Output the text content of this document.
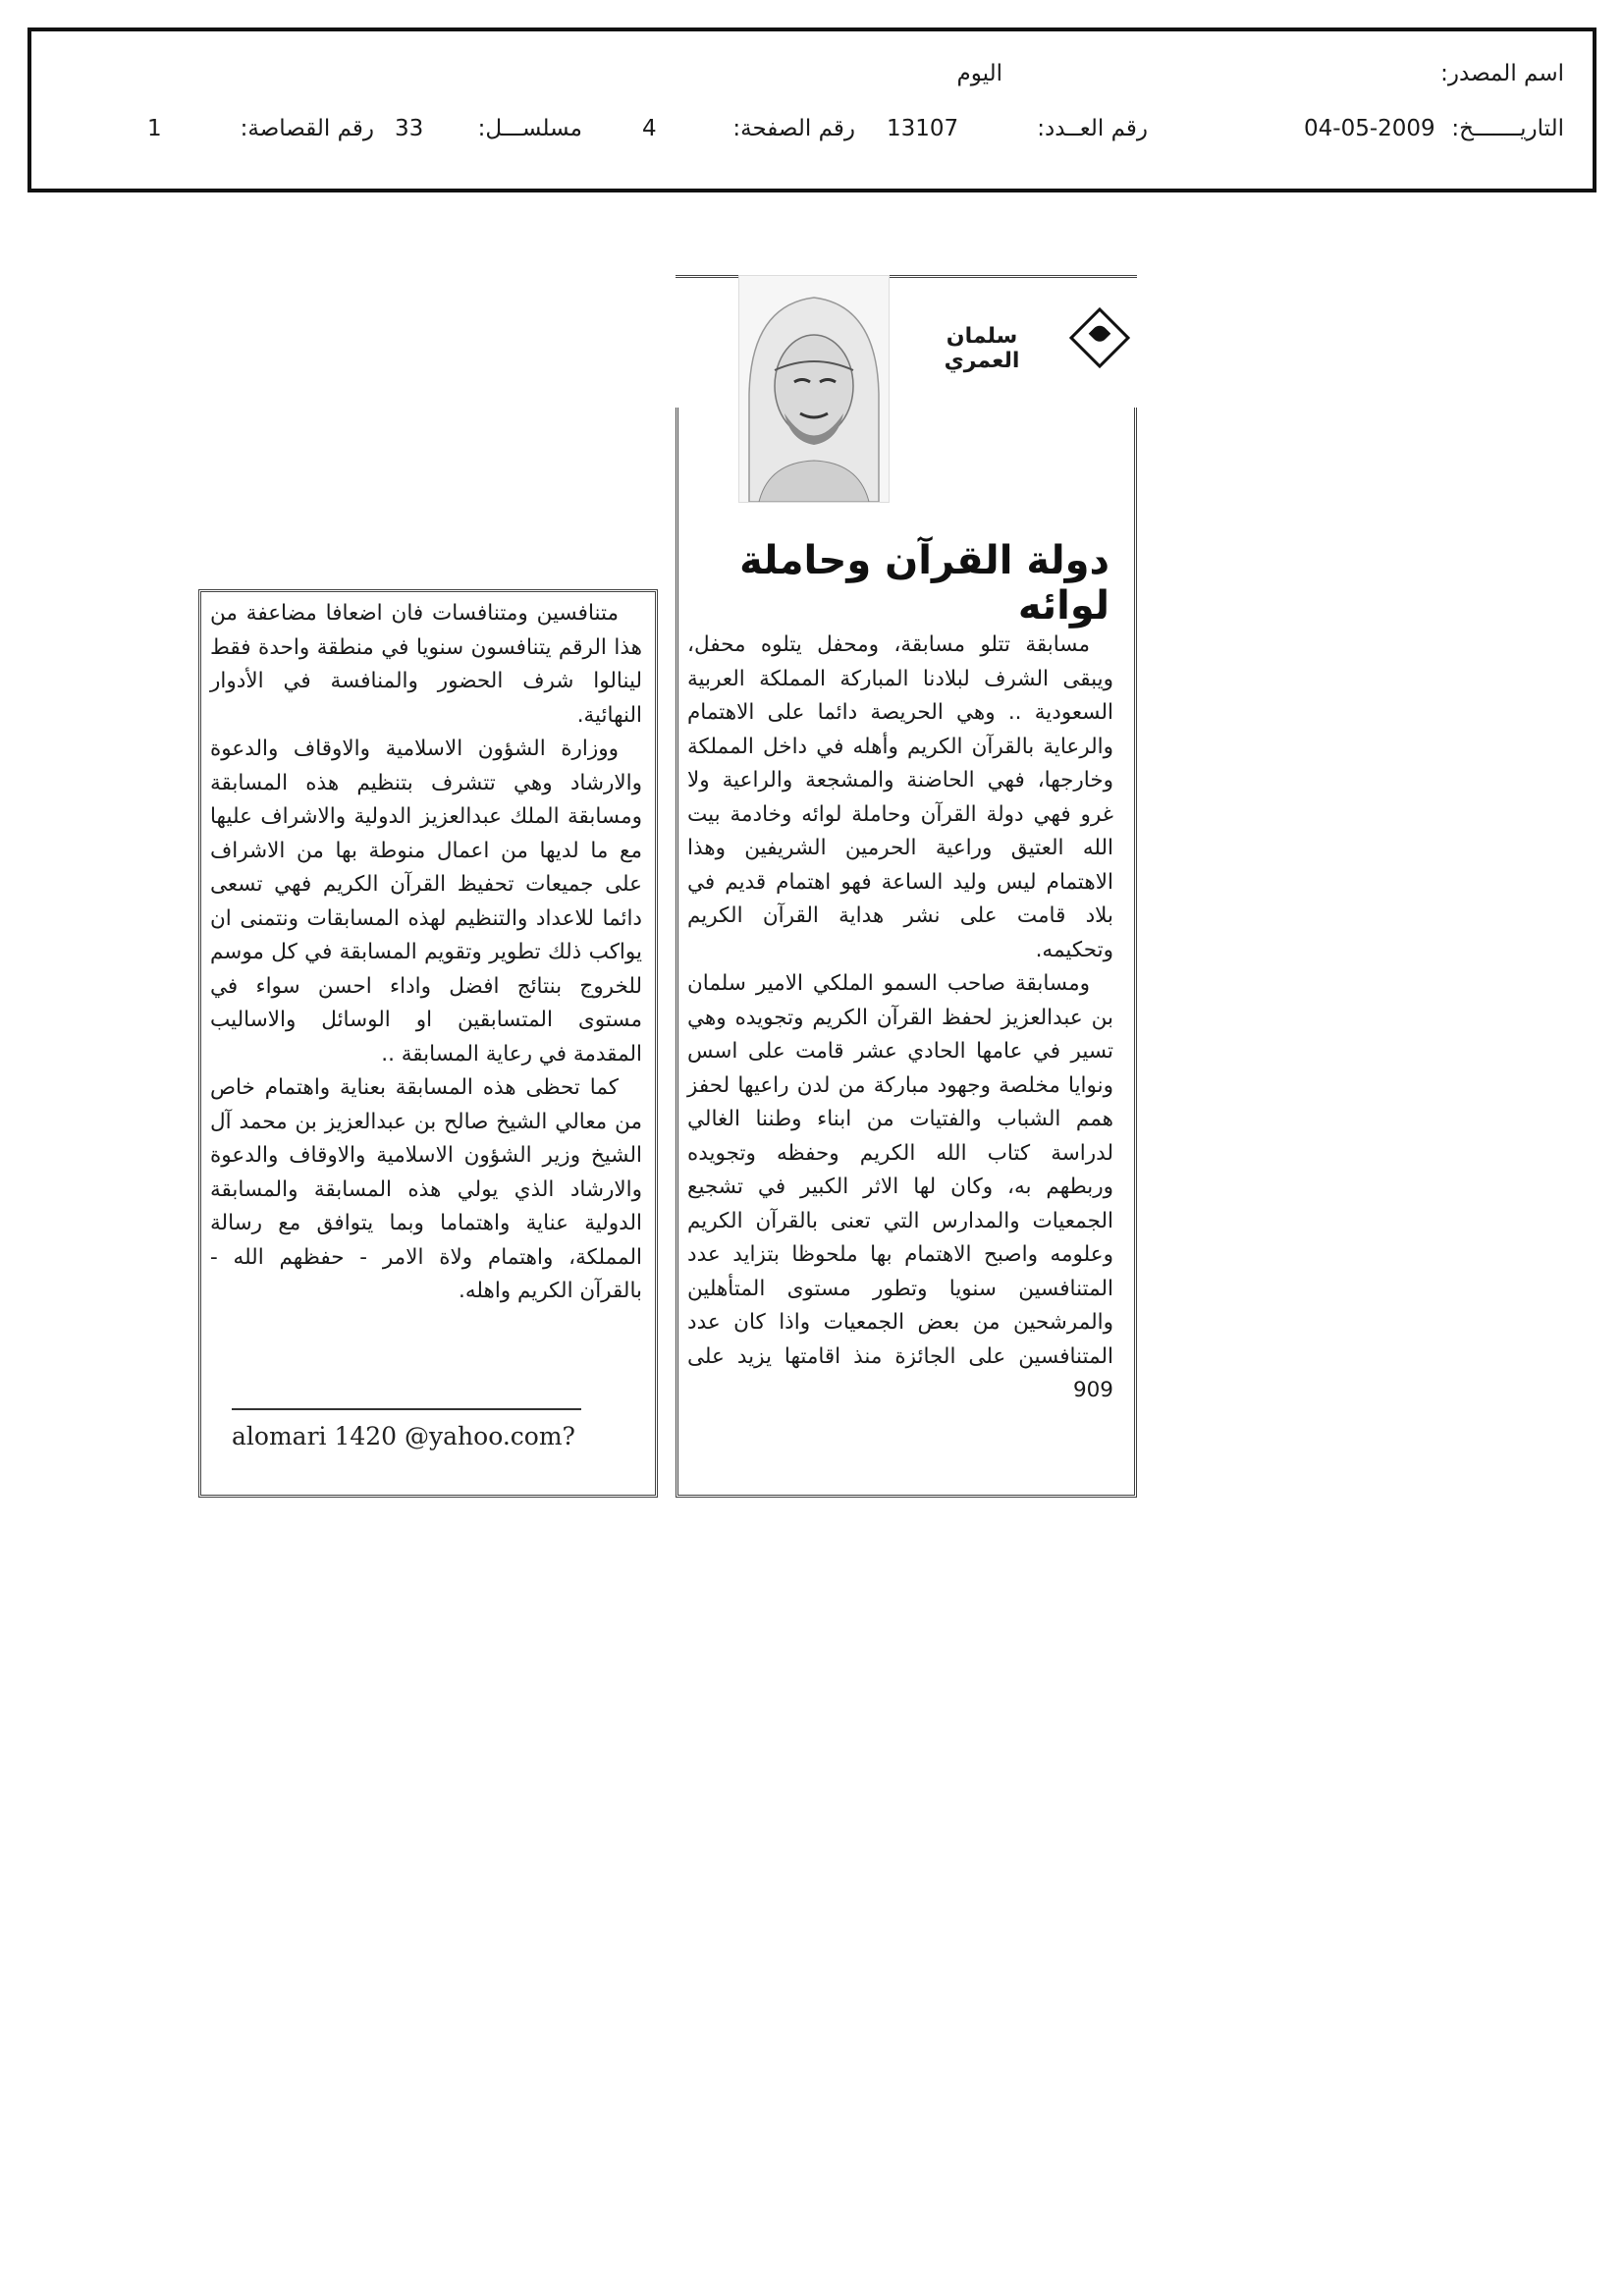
اسم المصدر:
اليوم
التاريـــــــخ:
04-05-2009
رقم العــدد:
13107
رقم الصفحة:
4
مسلســـل:
33
رقم القصاصة:
1
سلمان العمري
دولة القرآن وحاملة لوائه

مسابقة تتلو مسابقة، ومحفل يتلوه محفل، ويبقى الشرف لبلادنا المباركة المملكة العربية السعودية .. وهي الحريصة دائما على الاهتمام والرعاية بالقرآن الكريم وأهله في داخل المملكة وخارجها، فهي الحاضنة والمشجعة والراعية ولا غرو فهي دولة القرآن وحاملة لوائه وخادمة بيت الله العتيق وراعية الحرمين الشريفين وهذا الاهتمام ليس وليد الساعة فهو اهتمام قديم في بلاد قامت على نشر هداية القرآن الكريم وتحكيمه.

ومسابقة صاحب السمو الملكي الامير سلمان بن عبدالعزيز لحفظ القرآن الكريم وتجويده وهي تسير في عامها الحادي عشر قامت على اسس ونوايا مخلصة وجهود مباركة من لدن راعيها لحفز همم الشباب والفتيات من ابناء وطننا الغالي لدراسة كتاب الله الكريم وحفظه وتجويده وربطهم به، وكان لها الاثر الكبير في تشجيع الجمعيات والمدارس التي تعنى بالقرآن الكريم وعلومه واصبح الاهتمام بها ملحوظا بتزايد عدد المتنافسين سنويا وتطور مستوى المتأهلين والمرشحين من بعض الجمعيات واذا كان عدد المتنافسين على الجائزة منذ اقامتها يزيد على 909

متنافسين ومتنافسات فان اضعافا مضاعفة من هذا الرقم يتنافسون سنويا في منطقة واحدة فقط لينالوا شرف الحضور والمنافسة في الأدوار النهائية.

ووزارة الشؤون الاسلامية والاوقاف والدعوة والارشاد وهي تتشرف بتنظيم هذه المسابقة ومسابقة الملك عبدالعزيز الدولية والاشراف عليها مع ما لديها من اعمال منوطة بها من الاشراف على جميعات تحفيظ القرآن الكريم فهي تسعى دائما للاعداد والتنظيم لهذه المسابقات ونتمنى ان يواكب ذلك تطوير وتقويم المسابقة في كل موسم للخروج بنتائج افضل واداء احسن سواء في مستوى المتسابقين او الوسائل والاساليب المقدمة في رعاية المسابقة ..

كما تحظى هذه المسابقة بعناية واهتمام خاص من معالي الشيخ صالح بن عبدالعزيز بن محمد آل الشيخ وزير الشؤون الاسلامية والاوقاف والدعوة والارشاد الذي يولي هذه المسابقة والمسابقة الدولية عناية واهتماما وبما يتوافق مع رسالة المملكة، واهتمام ولاة الامر - حفظهم الله - بالقرآن الكريم واهله.

alomari 1420 @yahoo.com?
